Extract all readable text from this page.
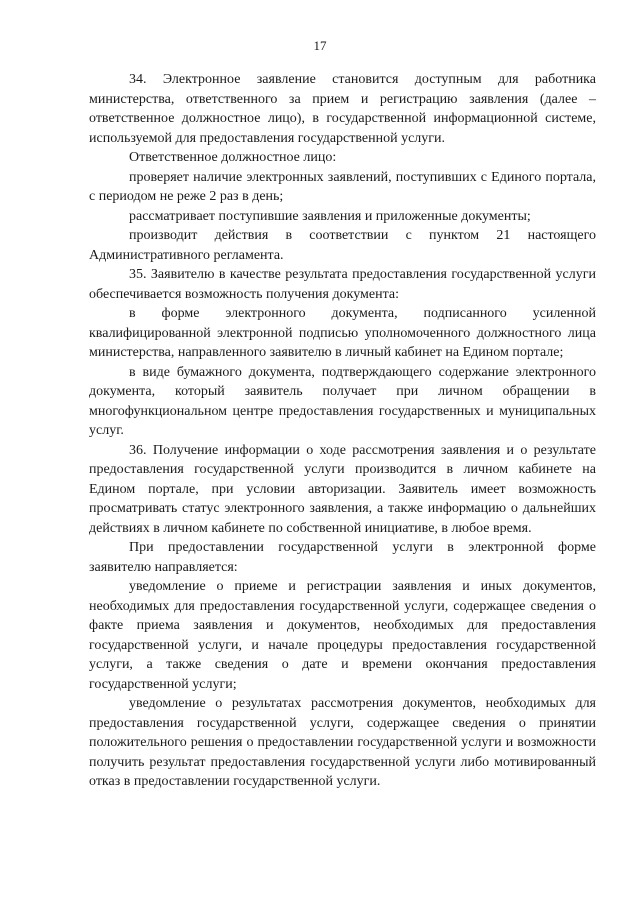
17

34. Электронное заявление становится доступным для работника министерства, ответственного за прием и регистрацию заявления (далее – ответственное должностное лицо), в государственной информационной системе, используемой для предоставления государственной услуги.

Ответственное должностное лицо:

проверяет наличие электронных заявлений, поступивших с Единого портала, с периодом не реже 2 раз в день;

рассматривает поступившие заявления и приложенные документы;

производит действия в соответствии с пунктом 21 настоящего Административного регламента.

35. Заявителю в качестве результата предоставления государственной услуги обеспечивается возможность получения документа:

в форме электронного документа, подписанного усиленной квалифицированной электронной подписью уполномоченного должностного лица министерства, направленного заявителю в личный кабинет на Едином портале;

в виде бумажного документа, подтверждающего содержание электронного документа, который заявитель получает при личном обращении в многофункциональном центре предоставления государственных и муниципальных услуг.

36. Получение информации о ходе рассмотрения заявления и о результате предоставления государственной услуги производится в личном кабинете на Едином портале, при условии авторизации. Заявитель имеет возможность просматривать статус электронного заявления, а также информацию о дальнейших действиях в личном кабинете по собственной инициативе, в любое время.

При предоставлении государственной услуги в электронной форме заявителю направляется:

уведомление о приеме и регистрации заявления и иных документов, необходимых для предоставления государственной услуги, содержащее сведения о факте приема заявления и документов, необходимых для предоставления государственной услуги, и начале процедуры предоставления государственной услуги, а также сведения о дате и времени окончания предоставления государственной услуги;

уведомление о результатах рассмотрения документов, необходимых для предоставления государственной услуги, содержащее сведения о принятии положительного решения о предоставлении государственной услуги и возможности получить результат предоставления государственной услуги либо мотивированный отказ в предоставлении государственной услуги.
